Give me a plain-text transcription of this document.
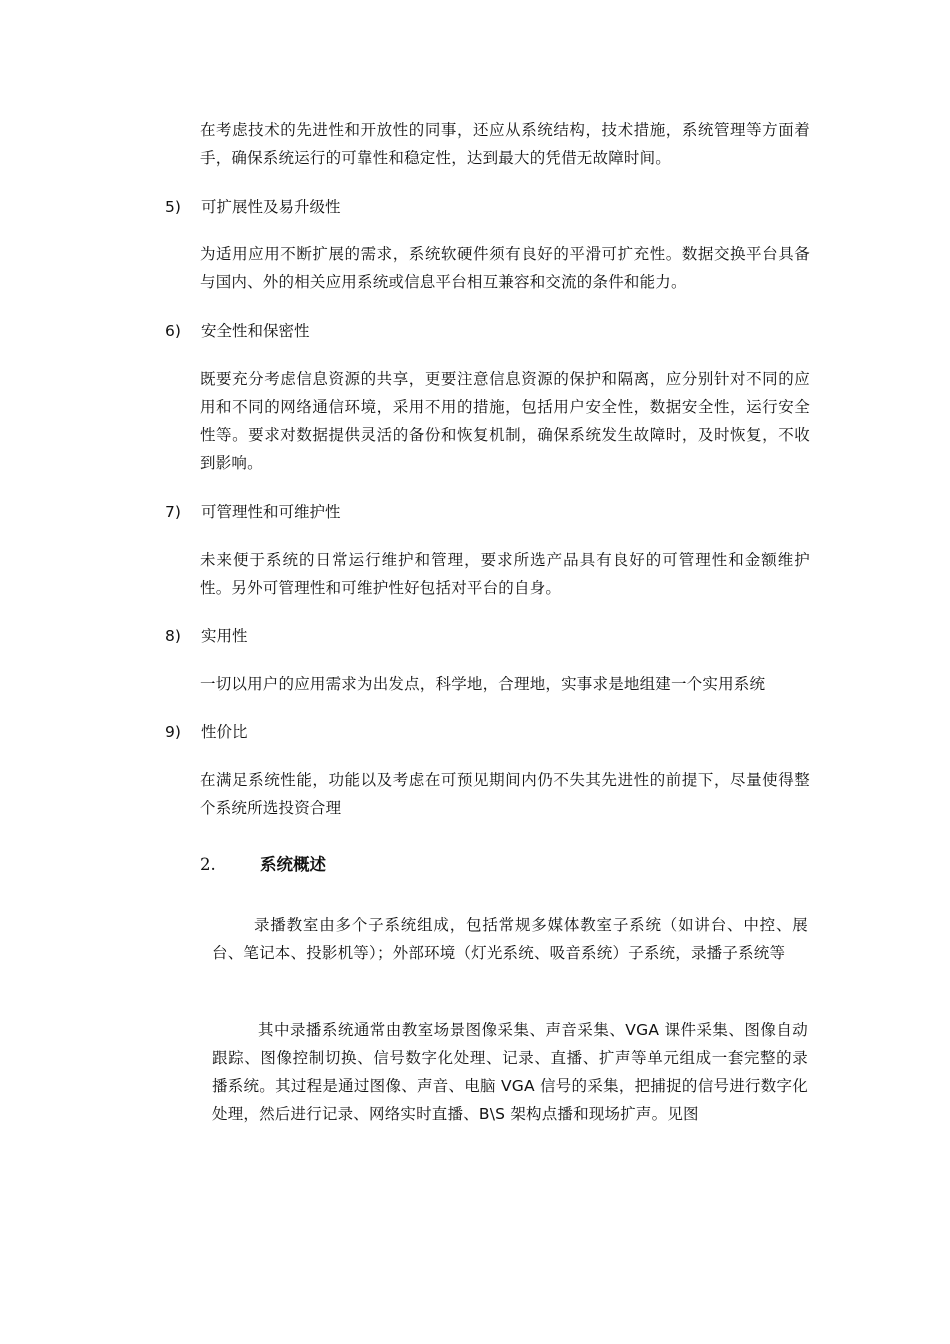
在考虑技术的先进性和开放性的同事，还应从系统结构，技术措施，系统管理等方面着手，确保系统运行的可靠性和稳定性，达到最大的凭借无故障时间。

5) 可扩展性及易升级性

为适用应用不断扩展的需求，系统软硬件须有良好的平滑可扩充性。数据交换平台具备与国内、外的相关应用系统或信息平台相互兼容和交流的条件和能力。

6) 安全性和保密性

既要充分考虑信息资源的共享，更要注意信息资源的保护和隔离，应分别针对不同的应用和不同的网络通信环境，采用不用的措施，包括用户安全性，数据安全性，运行安全性等。要求对数据提供灵活的备份和恢复机制，确保系统发生故障时，及时恢复，不收到影响。

7) 可管理性和可维护性

未来便于系统的日常运行维护和管理，要求所选产品具有良好的可管理性和金额维护性。另外可管理性和可维护性好包括对平台的自身。

8) 实用性

一切以用户的应用需求为出发点，科学地，合理地，实事求是地组建一个实用系统

9) 性价比

在满足系统性能，功能以及考虑在可预见期间内仍不失其先进性的前提下，尽量使得整个系统所选投资合理

2.	系统概述

录播教室由多个子系统组成，包括常规多媒体教室子系统（如讲台、中控、展台、笔记本、投影机等）；外部环境（灯光系统、吸音系统）子系统，录播子系统等

其中录播系统通常由教室场景图像采集、声音采集、VGA 课件采集、图像自动跟踪、图像控制切换、信号数字化处理、记录、直播、扩声等单元组成一套完整的录播系统。其过程是通过图像、声音、电脑 VGA 信号的采集，把捕捉的信号进行数字化处理，然后进行记录、网络实时直播、B\S 架构点播和现场扩声。见图
